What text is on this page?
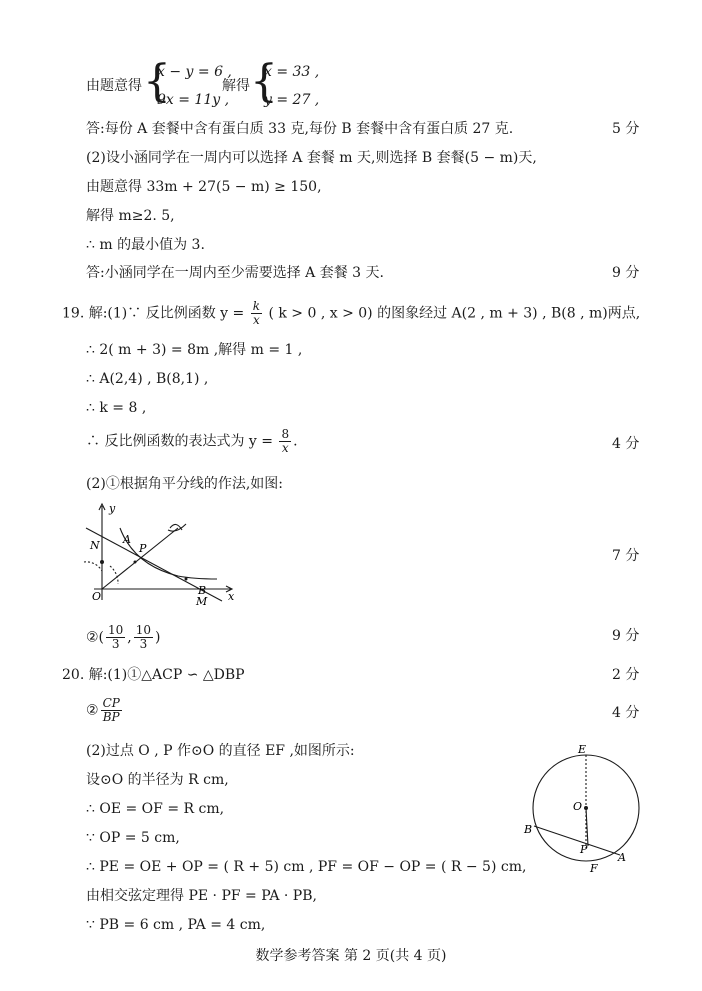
由题意得 {
x − y = 6 ,
9x = 11y ,
解得 {
x = 33 ,
y = 27 ,
答:每份 A 套餐中含有蛋白质 33 克,每份 B 套餐中含有蛋白质 27 克.	5 分
(2)设小涵同学在一周内可以选择 A 套餐 m 天,则选择 B 套餐(5 − m)天,
由题意得 33m + 27(5 − m) ≥ 150,
解得 m≥2. 5,
∴ m 的最小值为 3.
答:小涵同学在一周内至少需要选择 A 套餐 3 天.	9 分
19. 解:(1)∵ 反比例函数 $y = \frac{k}{x}$ ( k > 0 , x > 0) 的图象经过 A(2 , m + 3) , B(8 , m)两点,
∴ 2( m + 3) = 8m ,解得 m = 1 ,
∴ A(2,4) , B(8,1) ,
∴ k = 8 ,
∴ 反比例函数的表达式为 $y = \frac{8}{x}$ .	4 分
(2)①根据角平分线的作法,如图:
y
x
O
N A
P
B
M
7 分
②( $\frac{10}{3}$ , $\frac{10}{3}$ )	9 分
20. 解:(1)①△ACP ∽ △DBP	2 分
② $\frac{CP}{BP}$	4 分
(2)过点 O , P 作⊙O 的直径 EF ,如图所示:
设⊙O 的半径为 R cm,
∴ OE = OF = R cm,
∵ OP = 5 cm,
∴ PE = OE + OP = ( R + 5) cm , PF = OF − OP = ( R − 5) cm,
由相交弦定理得 PE · PF = PA · PB,
∵ PB = 6 cm , PA = 4 cm,
E
O
B
P
A
F
数学参考答案 第 2 页(共 4 页)
